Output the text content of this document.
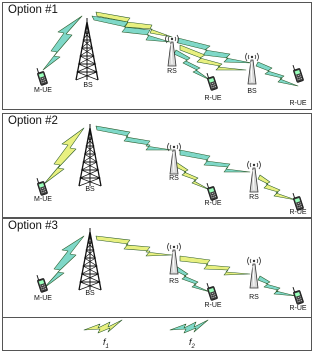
Option #1
Option #2
Option #3
$f_1$	$f_2$
M-UE
BS
RS
R-UE
BS
R-UE
M-UE
BS
RS
R-UE
RS
R-UE
M-UE
BS
RS
R-UE
RS
R-UE
